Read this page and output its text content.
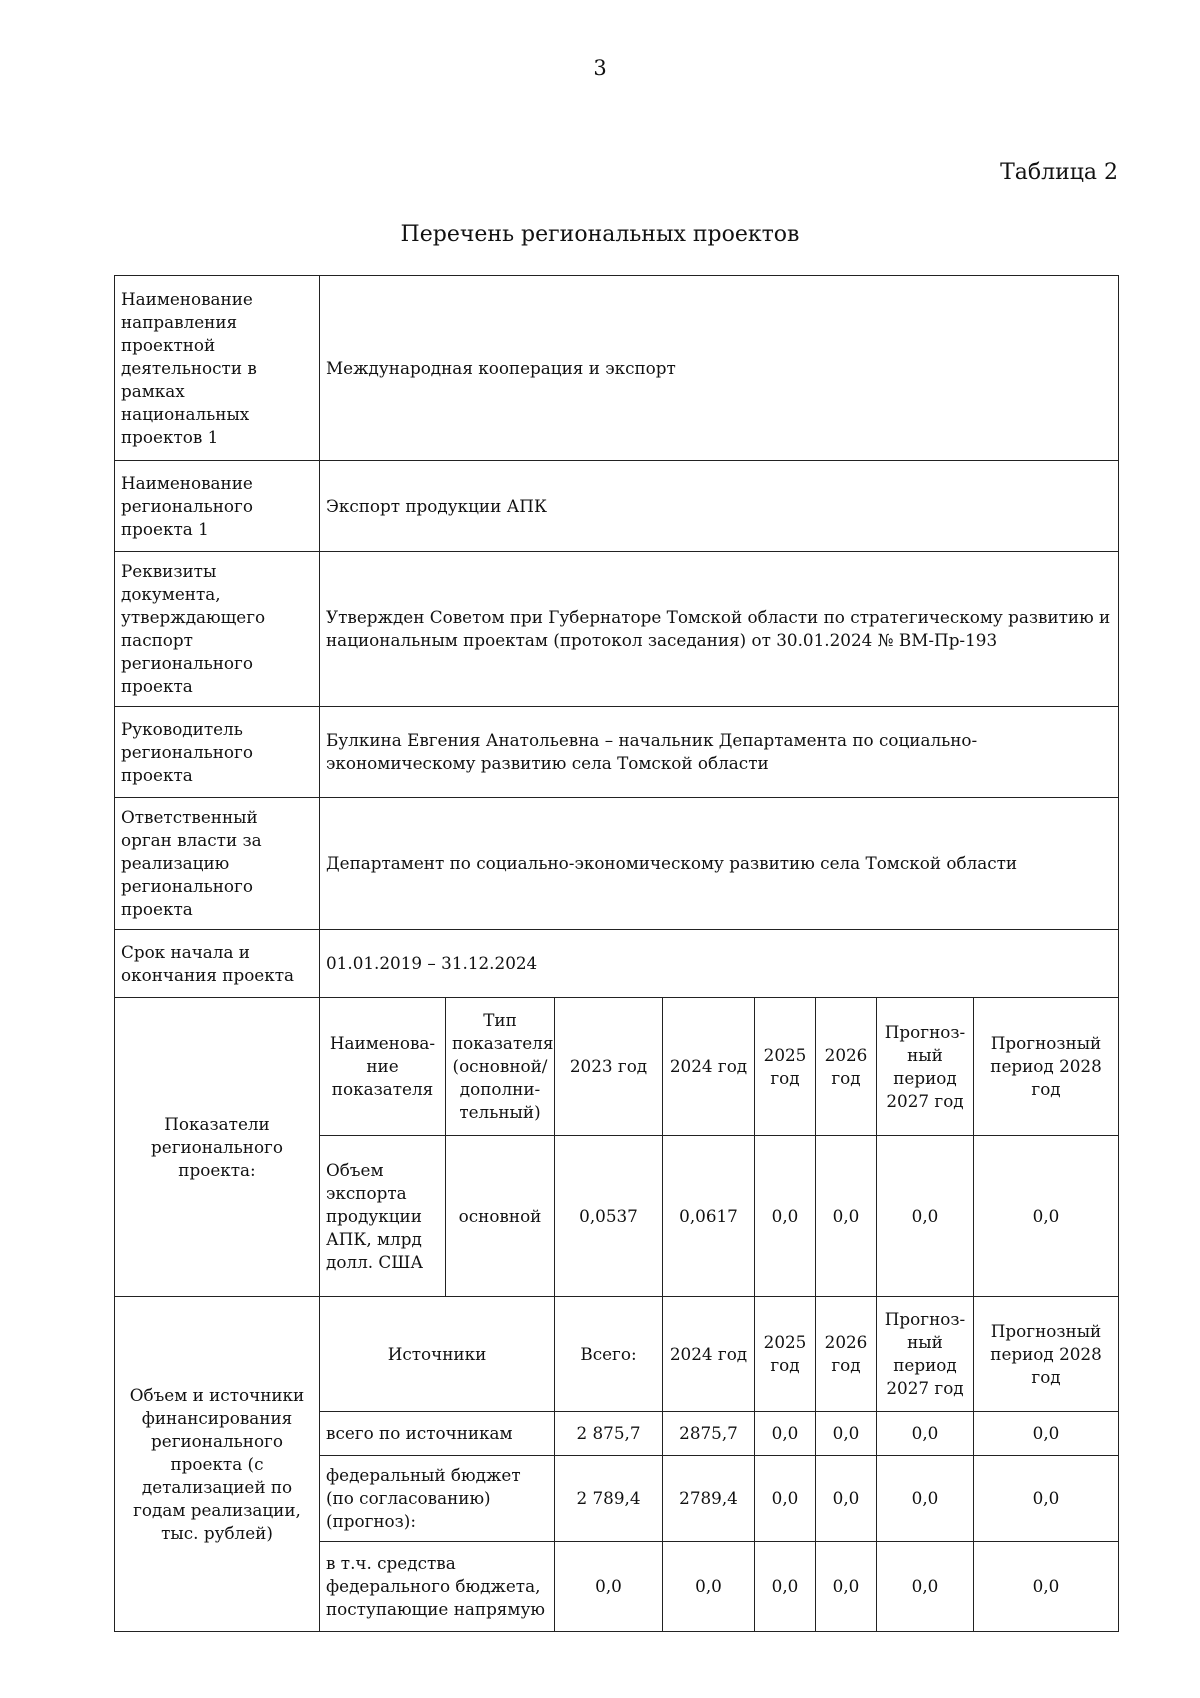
3
Таблица 2
Перечень региональных проектов
Наименование направления проектной деятельности в рамках национальных проектов 1	Международная кооперация и экспорт							
Наименование регионального проекта 1	Экспорт продукции АПК							
Реквизиты документа, утверждающего паспорт регионального проекта	Утвержден Советом при Губернаторе Томской области по стратегическому развитию и национальным проектам (протокол заседания) от 30.01.2024 № ВМ-Пр-193							
Руководитель регионального проекта	Булкина Евгения Анатольевна – начальник Департамента по социально-экономическому развитию села Томской области							
Ответственный орган власти за реализацию регионального проекта	Департамент по социально-экономическому развитию села Томской области							
Срок начала и окончания проекта	01.01.2019 – 31.12.2024							
Показатели регионального проекта:	Наименова-ние показателя	Тип показателя (основной/ дополни-тельный)	2023 год	2024 год	2025 год	2026 год	Прогноз-ный период 2027 год	Прогнозный период 2028 год
	Объем экспорта продукции АПК, млрд долл. США	основной	0,0537	0,0617	0,0	0,0	0,0	0,0
Объем и источники финансирования регионального проекта (с детализацией по годам реализации, тыс. рублей)	Источники		Всего:	2024 год	2025 год	2026 год	Прогноз-ный период 2027 год	Прогнозный период 2028 год
	всего по источникам		2 875,7	2875,7	0,0	0,0	0,0	0,0
	федеральный бюджет (по согласованию) (прогноз):		2 789,4	2789,4	0,0	0,0	0,0	0,0
	в т.ч. средства федерального бюджета, поступающие напрямую		0,0	0,0	0,0	0,0	0,0	0,0
